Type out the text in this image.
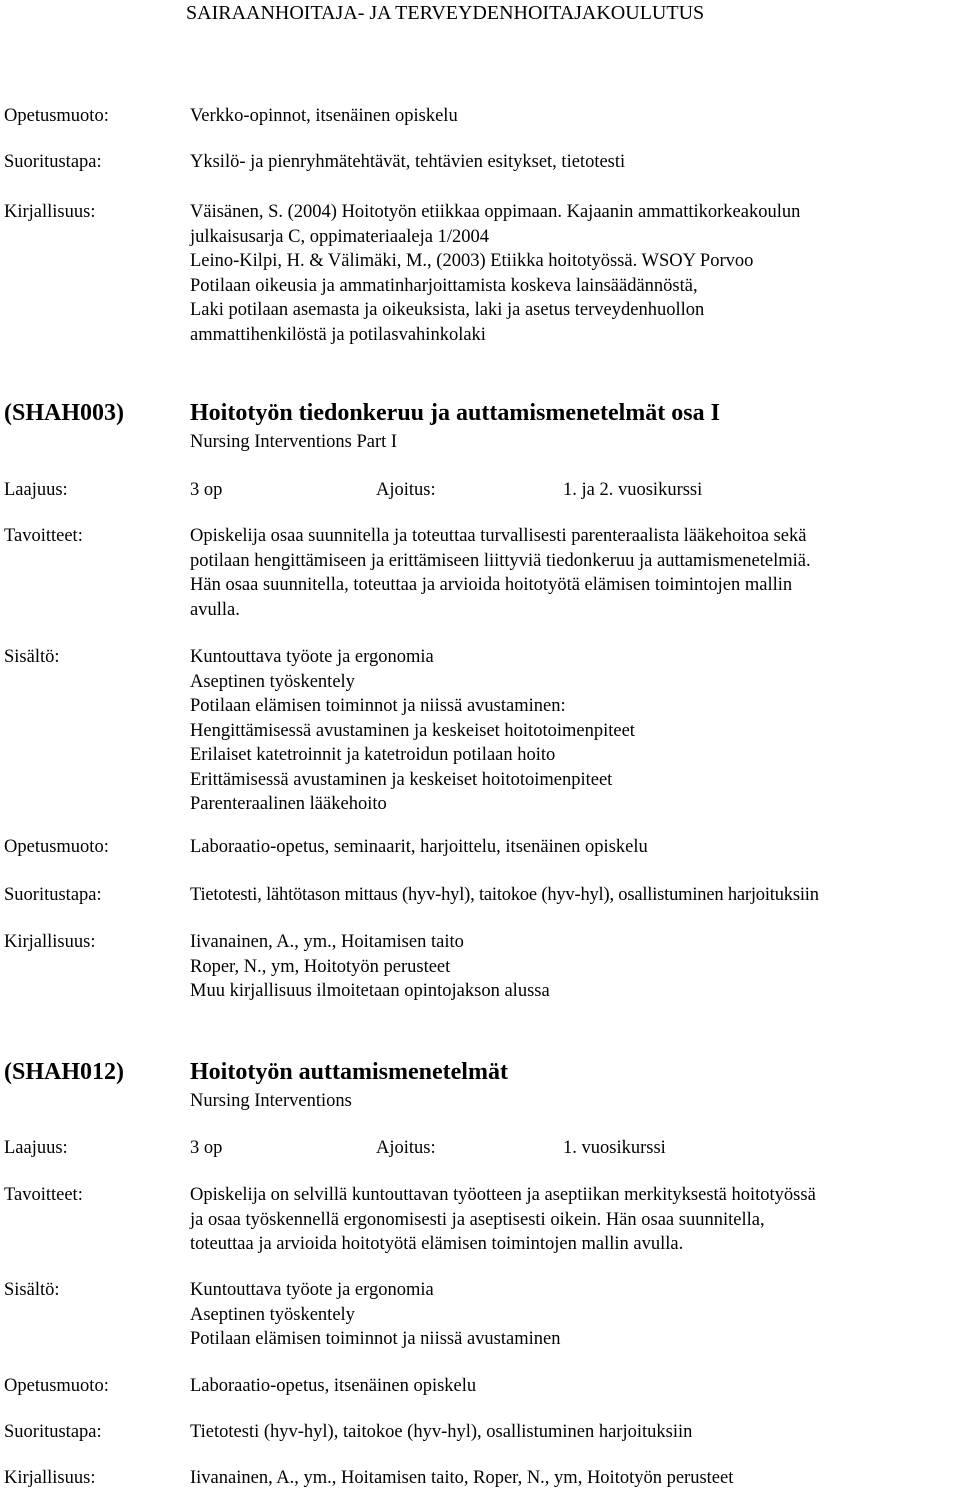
SAIRAANHOITAJA- JA TERVEYDENHOITAJAKOULUTUS
Opetusmuoto:	Verkko-opinnot, itsenäinen opiskelu
Suoritustapa:	Yksilö- ja pienryhmätehtävät, tehtävien esitykset, tietotesti
Kirjallisuus:	Väisänen, S. (2004) Hoitotyön etiikkaa oppimaan. Kajaanin ammattikorkeakoulun
julkaisusarja C, oppimateriaaleja 1/2004
Leino-Kilpi, H. & Välimäki, M., (2003) Etiikka hoitotyössä. WSOY Porvoo
Potilaan oikeusia ja ammatinharjoittamista koskeva lainsäädännöstä,
Laki potilaan asemasta ja oikeuksista, laki ja asetus terveydenhuollon
ammattihenkilöstä ja potilasvahinkolaki
(SHAH003)	Hoitotyön tiedonkeruu ja auttamismenetelmät osa I
Nursing Interventions Part I
Laajuus:	3 op	Ajoitus:	1. ja 2. vuosikurssi
Tavoitteet:	Opiskelija osaa suunnitella ja toteuttaa turvallisesti parenteraalista lääkehoitoa sekä
potilaan hengittämiseen ja erittämiseen liittyviä tiedonkeruu ja auttamismenetelmiä.
Hän osaa suunnitella, toteuttaa ja arvioida hoitotyötä elämisen toimintojen mallin
avulla.
Sisältö:	Kuntouttava työote ja ergonomia
Aseptinen työskentely
Potilaan elämisen toiminnot ja niissä avustaminen:
Hengittämisessä avustaminen ja keskeiset hoitotoimenpiteet
Erilaiset katetroinnit ja katetroidun potilaan hoito
Erittämisessä avustaminen ja keskeiset hoitotoimenpiteet
Parenteraalinen lääkehoito
Opetusmuoto:	Laboraatio-opetus, seminaarit, harjoittelu, itsenäinen opiskelu
Suoritustapa:	Tietotesti, lähtötason mittaus (hyv-hyl), taitokoe (hyv-hyl), osallistuminen harjoituksiin
Kirjallisuus:	Iivanainen, A., ym., Hoitamisen taito
Roper, N., ym, Hoitotyön perusteet
Muu kirjallisuus ilmoitetaan opintojakson alussa
(SHAH012)	Hoitotyön auttamismenetelmät
Nursing Interventions
Laajuus:	3 op	Ajoitus:	1. vuosikurssi
Tavoitteet:	Opiskelija on selvillä kuntouttavan työotteen ja aseptiikan merkityksestä hoitotyössä
ja osaa työskennellä ergonomisesti ja aseptisesti oikein. Hän osaa suunnitella,
toteuttaa ja arvioida hoitotyötä elämisen toimintojen mallin avulla.
Sisältö:	Kuntouttava työote ja ergonomia
Aseptinen työskentely
Potilaan elämisen toiminnot ja niissä avustaminen
Opetusmuoto:	Laboraatio-opetus, itsenäinen opiskelu
Suoritustapa:	Tietotesti (hyv-hyl), taitokoe (hyv-hyl), osallistuminen harjoituksiin
Kirjallisuus:	Iivanainen, A., ym., Hoitamisen taito, Roper, N., ym, Hoitotyön perusteet
